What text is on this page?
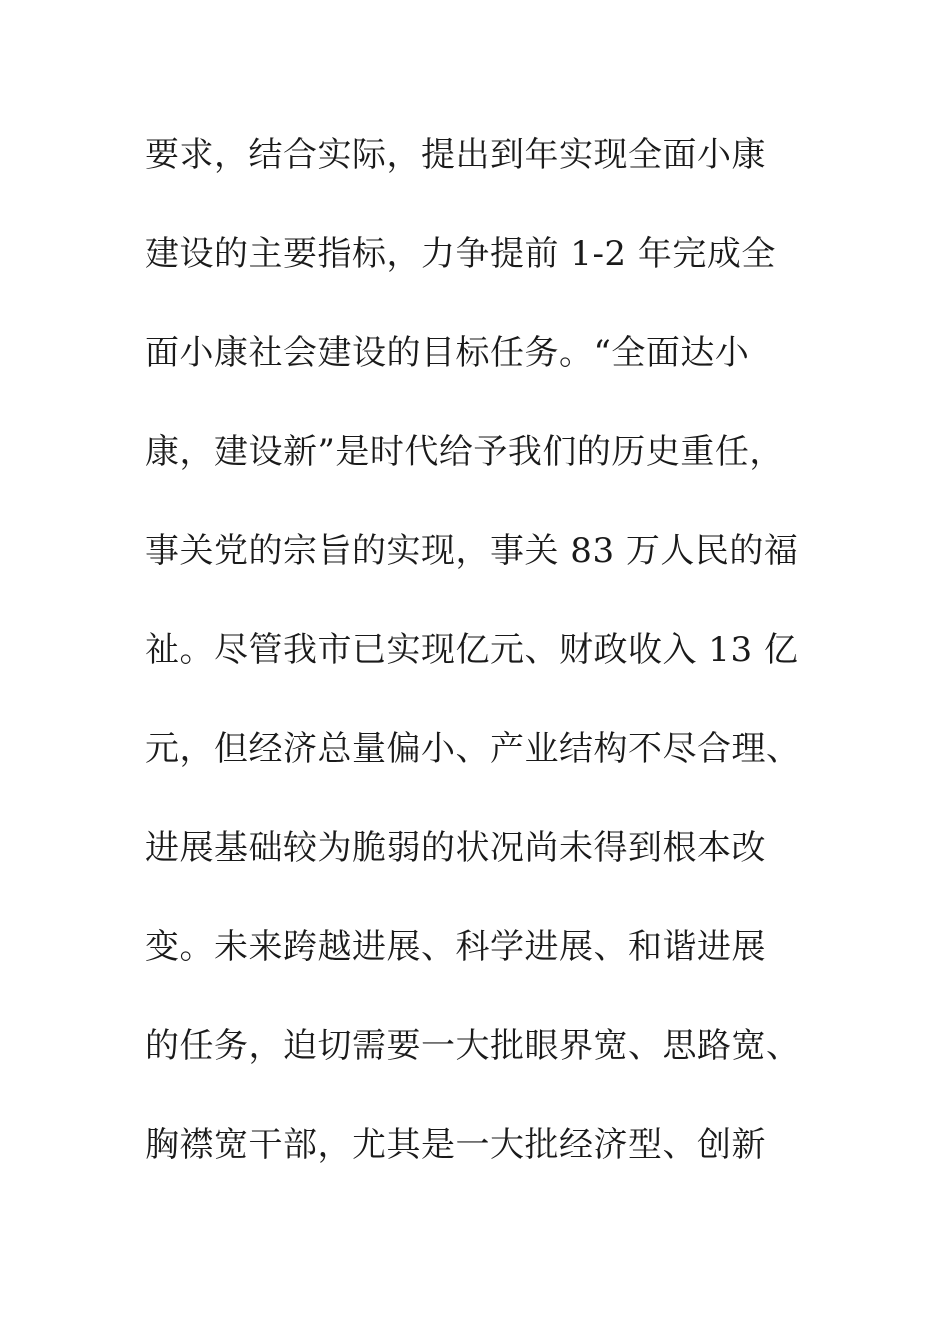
要求，结合实际，提出到年实现全面小康
建设的主要指标，力争提前 1-2 年完成全
面小康社会建设的目标任务。“全面达小
康，建设新”是时代给予我们的历史重任，
事关党的宗旨的实现，事关 83 万人民的福
祉。尽管我市已实现亿元、财政收入 13 亿
元，但经济总量偏小、产业结构不尽合理、
进展基础较为脆弱的状况尚未得到根本改
变。未来跨越进展、科学进展、和谐进展
的任务，迫切需要一大批眼界宽、思路宽、
胸襟宽干部，尤其是一大批经济型、创新
